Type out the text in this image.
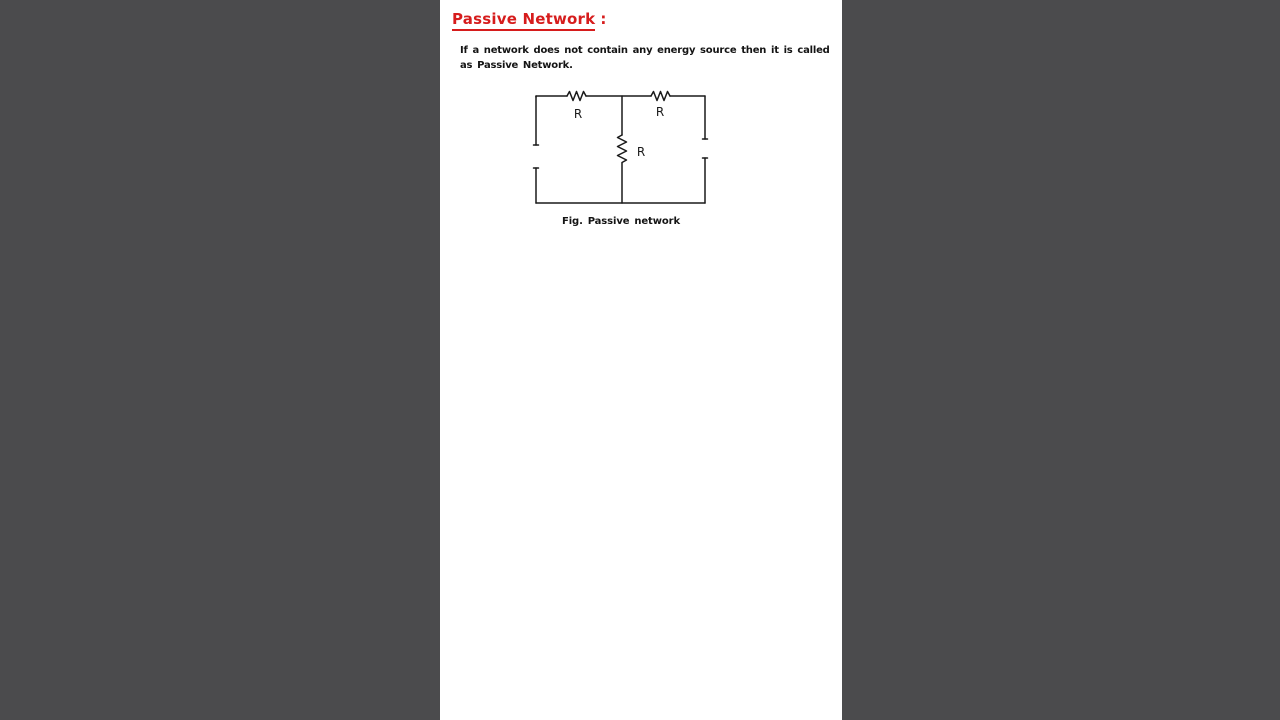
Passive Network :
If a network does not contain any energy source then it is called
as Passive Network.
R	R
R
Fig. Passive network
